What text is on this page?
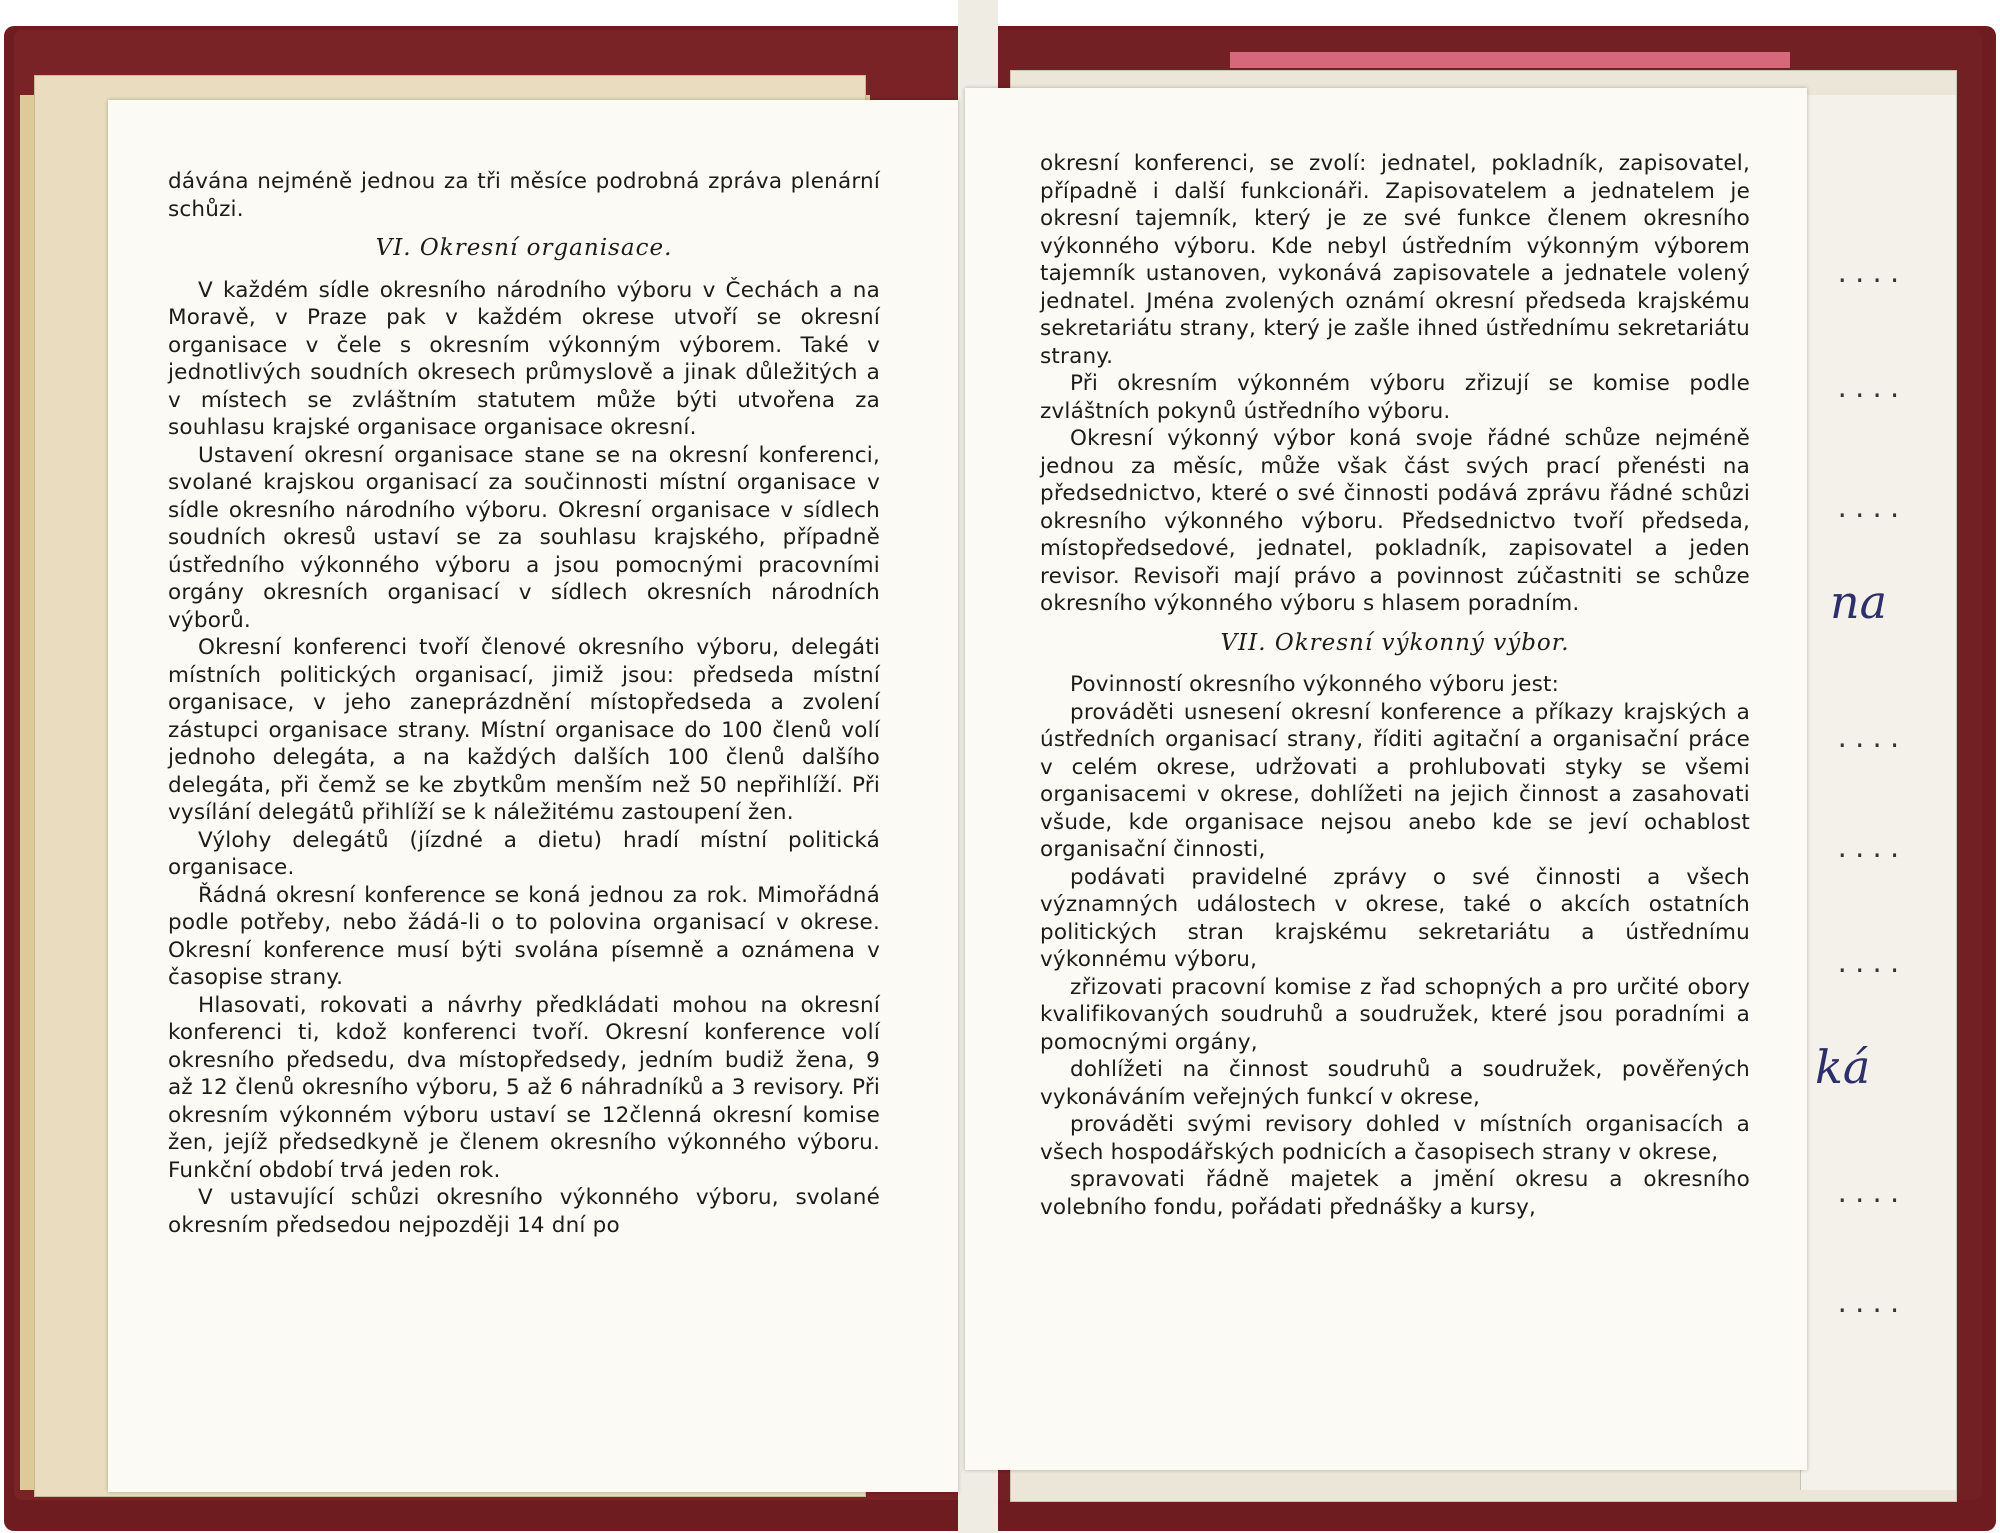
....
....
....
....
....
....
....
....
na
ká

dávána nejméně jednou za tři měsíce podrobná zpráva plenární schůzi.

VI. Okresní organisace.

V každém sídle okresního národního výboru v Čechách a na Moravě, v Praze pak v každém okrese utvoří se okresní organisace v čele s okresním výkonným výborem. Také v jednotlivých soudních okresech průmyslově a jinak důležitých a v místech se zvláštním statutem může býti utvořena za souhlasu krajské organisace organisace okresní.

Ustavení okresní organisace stane se na okresní konferenci, svolané krajskou organisací za součinnosti místní organisace v sídle okresního národního výboru. Okresní organisace v sídlech soudních okresů ustaví se za souhlasu krajského, případně ústředního výkonného výboru a jsou pomocnými pracovními orgány okresních organisací v sídlech okresních národních výborů.

Okresní konferenci tvoří členové okresního výboru, delegáti místních politických organisací, jimiž jsou: předseda místní organisace, v jeho zaneprázdnění místopředseda a zvolení zástupci organisace strany. Místní organisace do 100 členů volí jednoho delegáta, a na každých dalších 100 členů dalšího delegáta, při čemž se ke zbytkům menším než 50 nepřihlíží. Při vysílání delegátů přihlíží se k náležitému zastoupení žen.

Výlohy delegátů (jízdné a dietu) hradí místní politická organisace.

Řádná okresní konference se koná jednou za rok. Mimořádná podle potřeby, nebo žádá-li o to polovina organisací v okrese. Okresní konference musí býti svolána písemně a oznámena v časopise strany.

Hlasovati, rokovati a návrhy předkládati mohou na okresní konferenci ti, kdož konferenci tvoří. Okresní konference volí okresního předsedu, dva místopředsedy, jedním budiž žena, 9 až 12 členů okresního výboru, 5 až 6 náhradníků a 3 revisory. Při okresním výkonném výboru ustaví se 12členná okresní komise žen, jejíž předsedkyně je členem okresního výkonného výboru. Funkční období trvá jeden rok.

V ustavující schůzi okresního výkonného výboru, svolané okresním předsedou nejpozději 14 dní po

okresní konferenci, se zvolí: jednatel, pokladník, zapisovatel, případně i další funkcionáři. Zapisovatelem a jednatelem je okresní tajemník, který je ze své funkce členem okresního výkonného výboru. Kde nebyl ústředním výkonným výborem tajemník ustanoven, vykonává zapisovatele a jednatele volený jednatel. Jména zvolených oznámí okresní předseda krajskému sekretariátu strany, který je zašle ihned ústřednímu sekretariátu strany.

Při okresním výkonném výboru zřizují se komise podle zvláštních pokynů ústředního výboru.

Okresní výkonný výbor koná svoje řádné schůze nejméně jednou za měsíc, může však část svých prací přenésti na předsednictvo, které o své činnosti podává zprávu řádné schůzi okresního výkonného výboru. Předsednictvo tvoří předseda, místopředsedové, jednatel, pokladník, zapisovatel a jeden revisor. Revisoři mají právo a povinnost zúčastniti se schůze okresního výkonného výboru s hlasem poradním.

VII. Okresní výkonný výbor.

Povinností okresního výkonného výboru jest:

prováděti usnesení okresní konference a příkazy krajských a ústředních organisací strany, říditi agitační a organisační práce v celém okrese, udržovati a prohlubovati styky se všemi organisacemi v okrese, dohlížeti na jejich činnost a zasahovati všude, kde organisace nejsou anebo kde se jeví ochablost organisační činnosti,

podávati pravidelné zprávy o své činnosti a všech významných událostech v okrese, také o akcích ostatních politických stran krajskému sekretariátu a ústřednímu výkonnému výboru,

zřizovati pracovní komise z řad schopných a pro určité obory kvalifikovaných soudruhů a soudružek, které jsou poradními a pomocnými orgány,

dohlížeti na činnost soudruhů a soudružek, pověřených vykonáváním veřejných funkcí v okrese,

prováděti svými revisory dohled v místních organisacích a všech hospodářských podnicích a časopisech strany v okrese,

spravovati řádně majetek a jmění okresu a okresního volebního fondu, pořádati přednášky a kursy,
